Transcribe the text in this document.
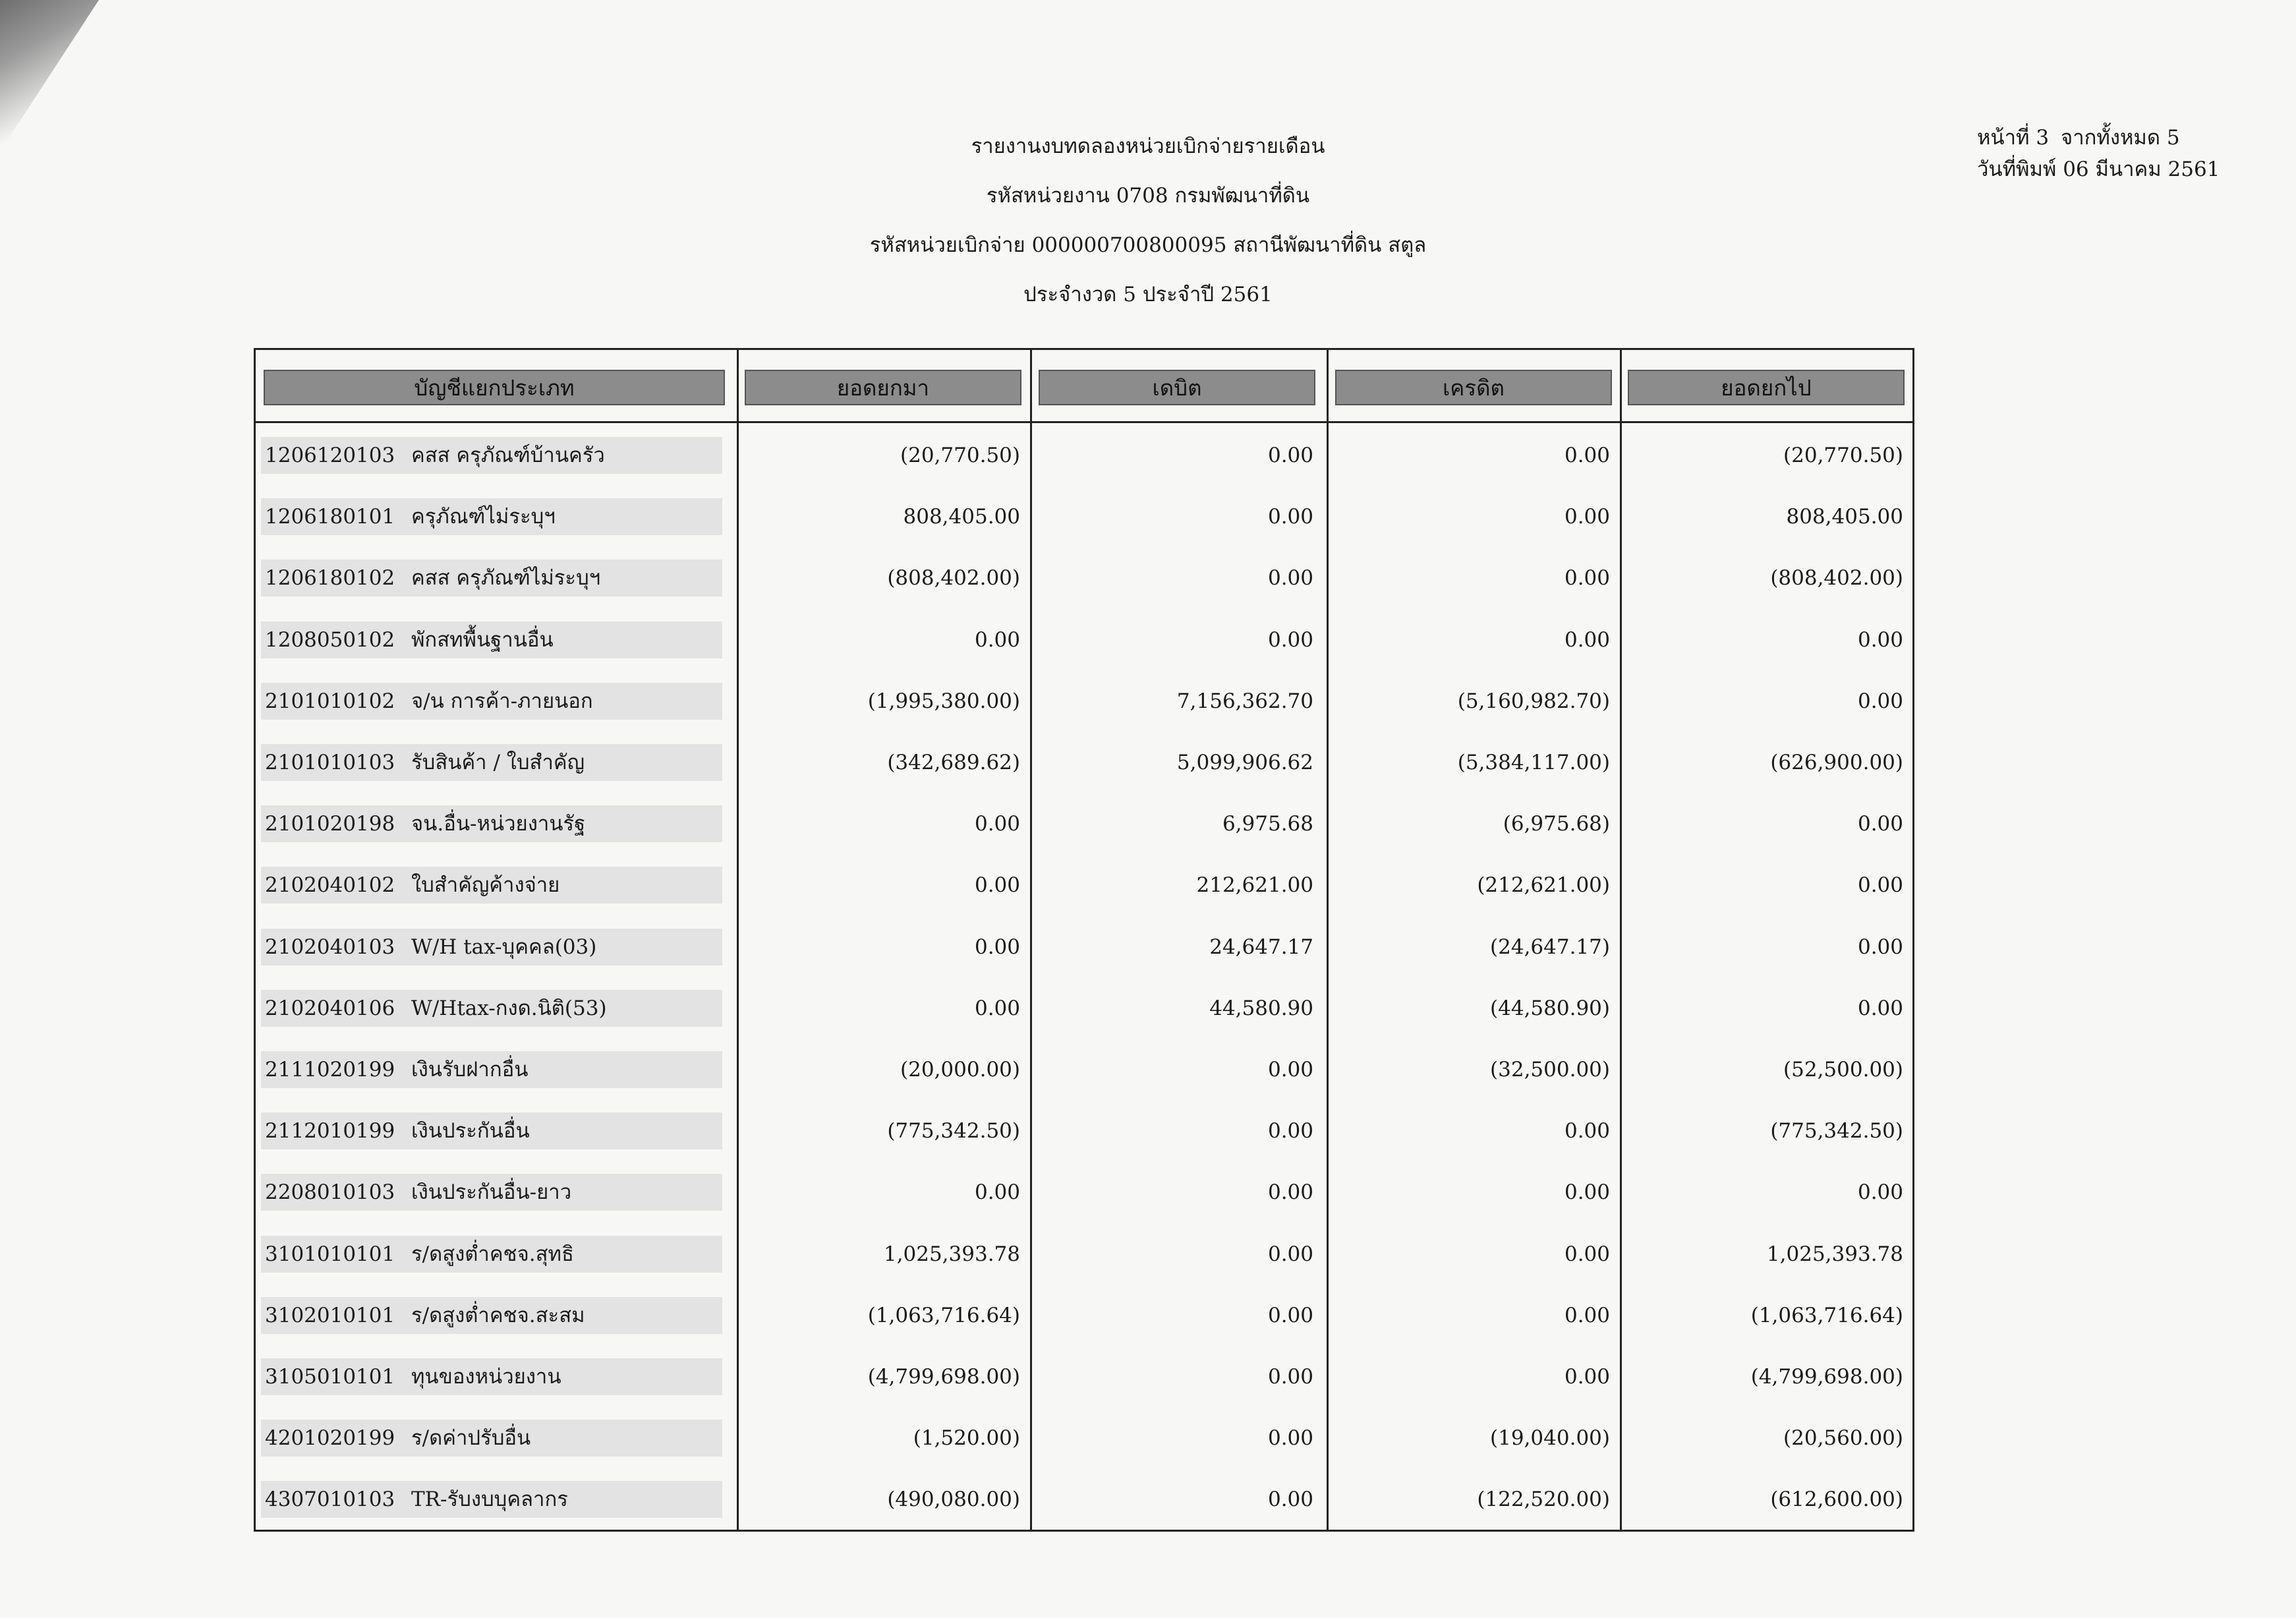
รายงานงบทดลองหน่วยเบิกจ่ายรายเดือน
รหัสหน่วยงาน 0708 กรมพัฒนาที่ดิน
รหัสหน่วยเบิกจ่าย 000000700800095 สถานีพัฒนาที่ดิน สตูล
ประจำงวด 5 ประจำปี 2561
หน้าที่ 3 จากทั้งหมด 5
วันที่พิมพ์ 06 มีนาคม 2561
บัญชีแยกประเภท	ยอดยกมา	เดบิต	เครดิต	ยอดยกไป
1206120103 คสส ครุภัณฑ์บ้านครัว	(20,770.50)	0.00	0.00	(20,770.50)
1206180101 ครุภัณฑ์ไม่ระบุฯ	808,405.00	0.00	0.00	808,405.00
1206180102 คสส ครุภัณฑ์ไม่ระบุฯ	(808,402.00)	0.00	0.00	(808,402.00)
1208050102 พักสทพื้นฐานอื่น	0.00	0.00	0.00	0.00
2101010102 จ/น การค้า-ภายนอก	(1,995,380.00)	7,156,362.70	(5,160,982.70)	0.00
2101010103 รับสินค้า / ใบสำคัญ	(342,689.62)	5,099,906.62	(5,384,117.00)	(626,900.00)
2101020198 จน.อื่น-หน่วยงานรัฐ	0.00	6,975.68	(6,975.68)	0.00
2102040102 ใบสำคัญค้างจ่าย	0.00	212,621.00	(212,621.00)	0.00
2102040103 W/H tax-บุคคล(03)	0.00	24,647.17	(24,647.17)	0.00
2102040106 W/Htax-กงด.นิติ(53)	0.00	44,580.90	(44,580.90)	0.00
2111020199 เงินรับฝากอื่น	(20,000.00)	0.00	(32,500.00)	(52,500.00)
2112010199 เงินประกันอื่น	(775,342.50)	0.00	0.00	(775,342.50)
2208010103 เงินประกันอื่น-ยาว	0.00	0.00	0.00	0.00
3101010101 ร/ดสูงต่ำคชจ.สุทธิ	1,025,393.78	0.00	0.00	1,025,393.78
3102010101 ร/ดสูงต่ำคชจ.สะสม	(1,063,716.64)	0.00	0.00	(1,063,716.64)
3105010101 ทุนของหน่วยงาน	(4,799,698.00)	0.00	0.00	(4,799,698.00)
4201020199 ร/ดค่าปรับอื่น	(1,520.00)	0.00	(19,040.00)	(20,560.00)
4307010103 TR-รับงบบุคลากร	(490,080.00)	0.00	(122,520.00)	(612,600.00)
